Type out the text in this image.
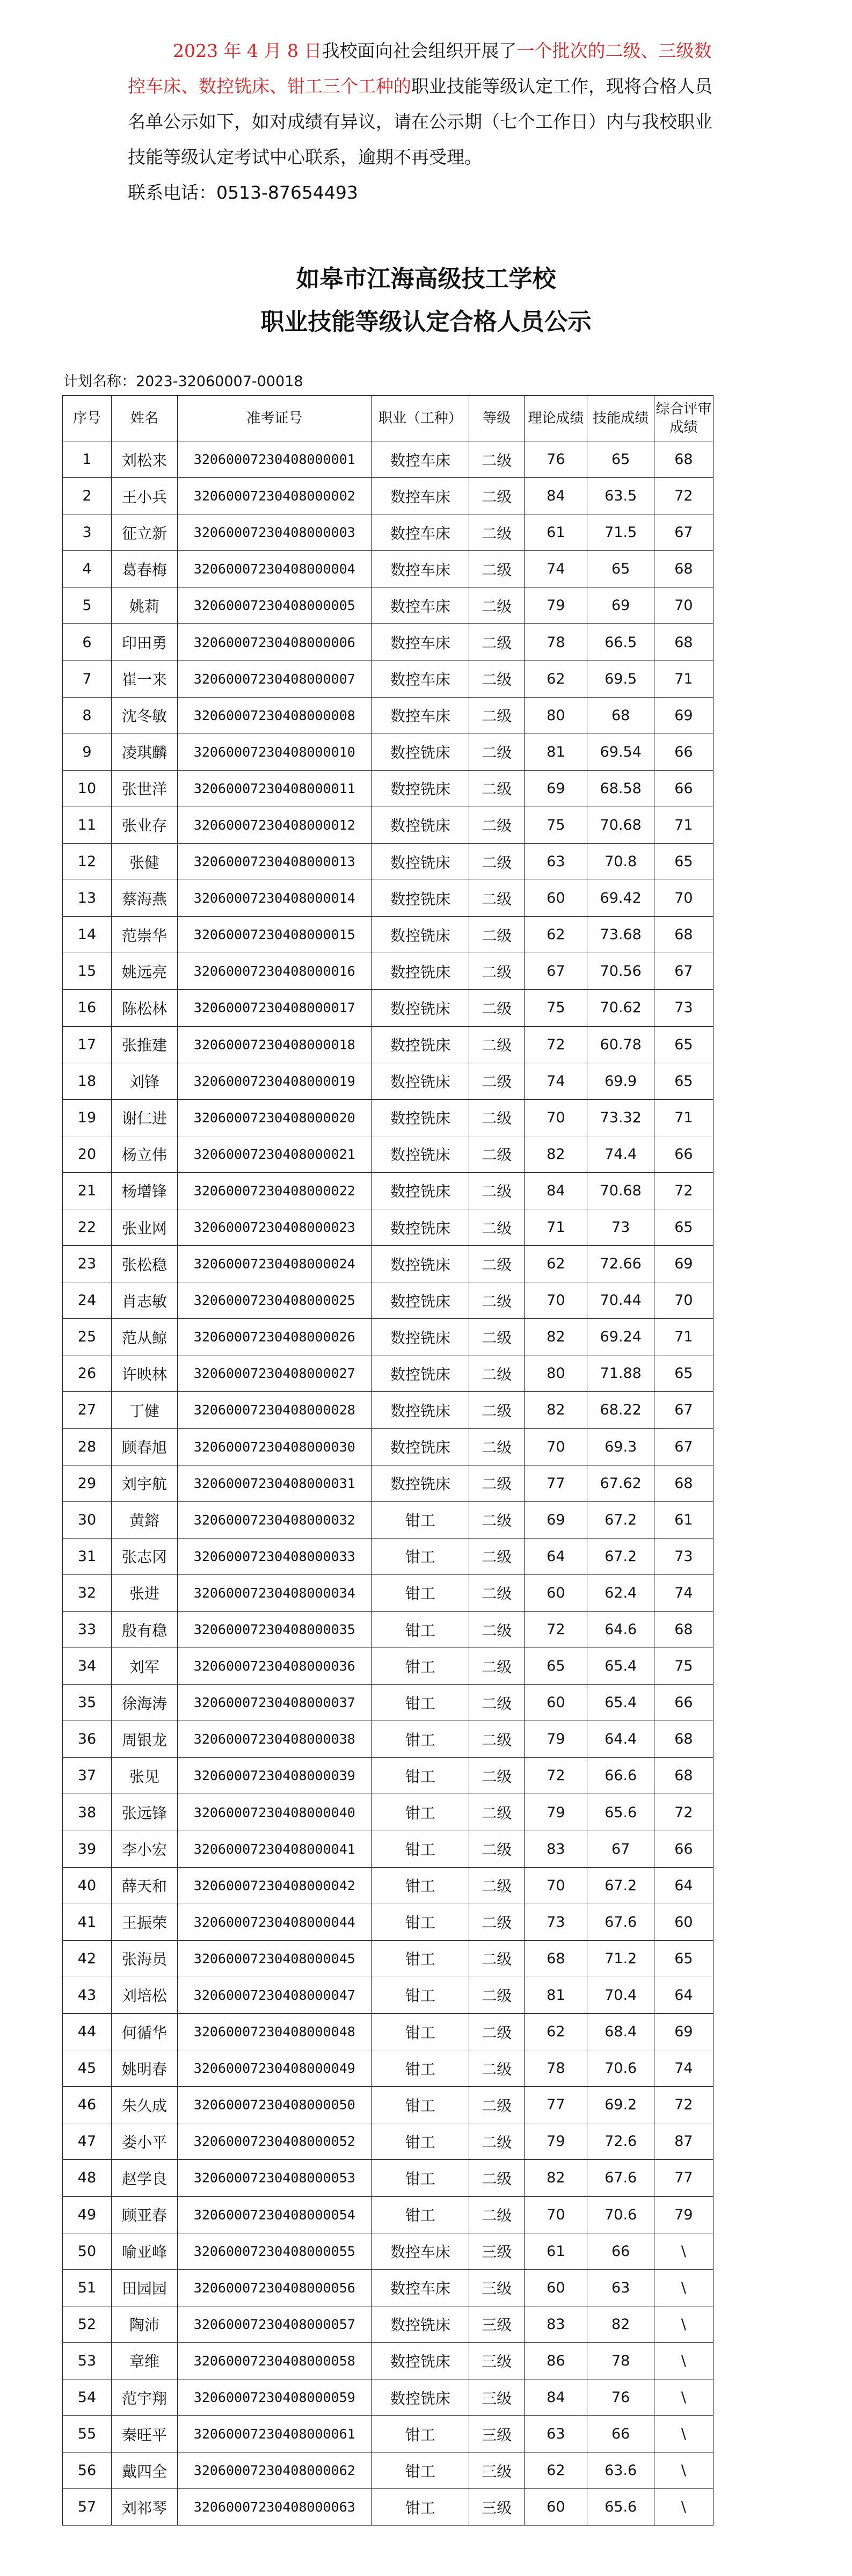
2023 年 4 月 8 日我校面向社会组织开展了一个批次的二级、三级数控车床、数控铣床、钳工三个工种的职业技能等级认定工作，现将合格人员名单公示如下，如对成绩有异议，请在公示期（七个工作日）内与我校职业技能等级认定考试中心联系，逾期不再受理。

联系电话：0513-87654493

如皋市江海高级技工学校
职业技能等级认定合格人员公示
计划名称：2023-32060007-00018
序号	姓名	准考证号	职业（工种）	等级	理论成绩	技能成绩	综合评审成绩
1	刘松来	32060007230408000001	数控车床	二级	76	65	68
2	王小兵	32060007230408000002	数控车床	二级	84	63.5	72
3	征立新	32060007230408000003	数控车床	二级	61	71.5	67
4	葛春梅	32060007230408000004	数控车床	二级	74	65	68
5	姚莉	32060007230408000005	数控车床	二级	79	69	70
6	印田勇	32060007230408000006	数控车床	二级	78	66.5	68
7	崔一来	32060007230408000007	数控车床	二级	62	69.5	71
8	沈冬敏	32060007230408000008	数控车床	二级	80	68	69
9	凌琪麟	32060007230408000010	数控铣床	二级	81	69.54	66
10	张世洋	32060007230408000011	数控铣床	二级	69	68.58	66
11	张业存	32060007230408000012	数控铣床	二级	75	70.68	71
12	张健	32060007230408000013	数控铣床	二级	63	70.8	65
13	蔡海燕	32060007230408000014	数控铣床	二级	60	69.42	70
14	范崇华	32060007230408000015	数控铣床	二级	62	73.68	68
15	姚远亮	32060007230408000016	数控铣床	二级	67	70.56	67
16	陈松林	32060007230408000017	数控铣床	二级	75	70.62	73
17	张推建	32060007230408000018	数控铣床	二级	72	60.78	65
18	刘锋	32060007230408000019	数控铣床	二级	74	69.9	65
19	谢仁进	32060007230408000020	数控铣床	二级	70	73.32	71
20	杨立伟	32060007230408000021	数控铣床	二级	82	74.4	66
21	杨增锋	32060007230408000022	数控铣床	二级	84	70.68	72
22	张业网	32060007230408000023	数控铣床	二级	71	73	65
23	张松稳	32060007230408000024	数控铣床	二级	62	72.66	69
24	肖志敏	32060007230408000025	数控铣床	二级	70	70.44	70
25	范从鲸	32060007230408000026	数控铣床	二级	82	69.24	71
26	许映林	32060007230408000027	数控铣床	二级	80	71.88	65
27	丁健	32060007230408000028	数控铣床	二级	82	68.22	67
28	顾春旭	32060007230408000030	数控铣床	二级	70	69.3	67
29	刘宇航	32060007230408000031	数控铣床	二级	77	67.62	68
30	黄鎔	32060007230408000032	钳工	二级	69	67.2	61
31	张志冈	32060007230408000033	钳工	二级	64	67.2	73
32	张进	32060007230408000034	钳工	二级	60	62.4	74
33	殷有稳	32060007230408000035	钳工	二级	72	64.6	68
34	刘军	32060007230408000036	钳工	二级	65	65.4	75
35	徐海涛	32060007230408000037	钳工	二级	60	65.4	66
36	周银龙	32060007230408000038	钳工	二级	79	64.4	68
37	张见	32060007230408000039	钳工	二级	72	66.6	68
38	张远锋	32060007230408000040	钳工	二级	79	65.6	72
39	李小宏	32060007230408000041	钳工	二级	83	67	66
40	薛天和	32060007230408000042	钳工	二级	70	67.2	64
41	王振荣	32060007230408000044	钳工	二级	73	67.6	60
42	张海员	32060007230408000045	钳工	二级	68	71.2	65
43	刘培松	32060007230408000047	钳工	二级	81	70.4	64
44	何循华	32060007230408000048	钳工	二级	62	68.4	69
45	姚明春	32060007230408000049	钳工	二级	78	70.6	74
46	朱久成	32060007230408000050	钳工	二级	77	69.2	72
47	娄小平	32060007230408000052	钳工	二级	79	72.6	87
48	赵学良	32060007230408000053	钳工	二级	82	67.6	77
49	顾亚春	32060007230408000054	钳工	二级	70	70.6	79
50	喻亚峰	32060007230408000055	数控车床	三级	61	66	\
51	田园园	32060007230408000056	数控车床	三级	60	63	\
52	陶沛	32060007230408000057	数控铣床	三级	83	82	\
53	章维	32060007230408000058	数控铣床	三级	86	78	\
54	范宇翔	32060007230408000059	数控铣床	三级	84	76	\
55	秦旺平	32060007230408000061	钳工	三级	63	66	\
56	戴四全	32060007230408000062	钳工	三级	62	63.6	\
57	刘祁琴	32060007230408000063	钳工	三级	60	65.6	\
